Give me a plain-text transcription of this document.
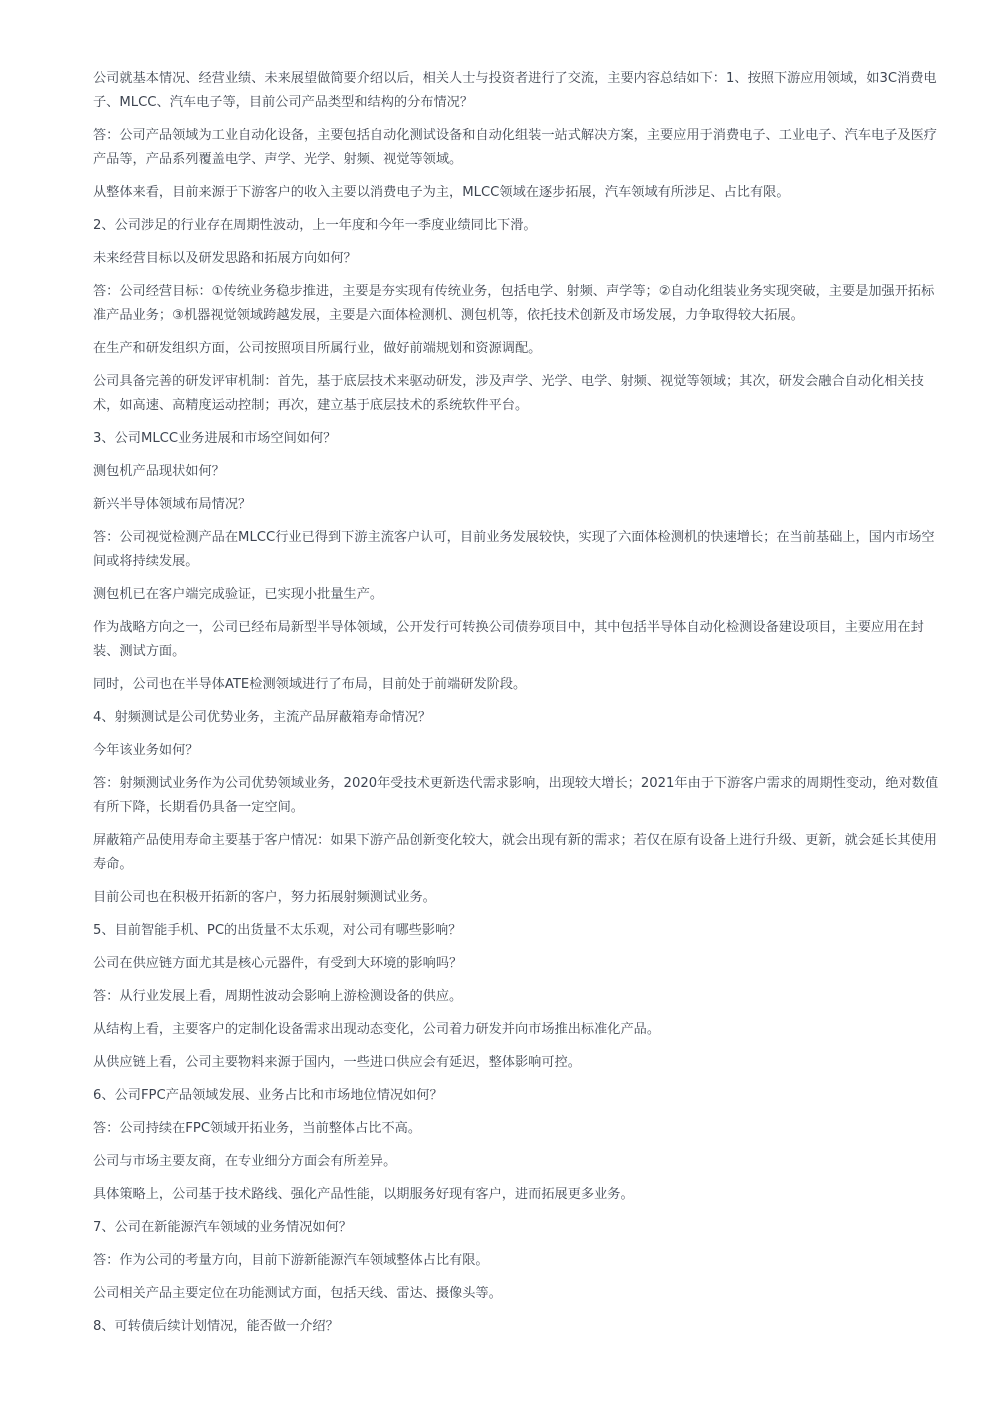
公司就基本情况、经营业绩、未来展望做简要介绍以后，相关人士与投资者进行了交流，主要内容总结如下：1、按照下游应用领域，如3C消费电子、MLCC、汽车电子等，目前公司产品类型和结构的分布情况？

答：公司产品领域为工业自动化设备，主要包括自动化测试设备和自动化组装一站式解决方案，主要应用于消费电子、工业电子、汽车电子及医疗产品等，产品系列覆盖电学、声学、光学、射频、视觉等领域。

从整体来看，目前来源于下游客户的收入主要以消费电子为主，MLCC领域在逐步拓展，汽车领域有所涉足、占比有限。

2、公司涉足的行业存在周期性波动，上一年度和今年一季度业绩同比下滑。

未来经营目标以及研发思路和拓展方向如何？

答：公司经营目标：①传统业务稳步推进，主要是夯实现有传统业务，包括电学、射频、声学等；②自动化组装业务实现突破，主要是加强开拓标准产品业务；③机器视觉领域跨越发展，主要是六面体检测机、测包机等，依托技术创新及市场发展，力争取得较大拓展。

在生产和研发组织方面，公司按照项目所属行业，做好前端规划和资源调配。

公司具备完善的研发评审机制：首先，基于底层技术来驱动研发，涉及声学、光学、电学、射频、视觉等领域；其次，研发会融合自动化相关技术，如高速、高精度运动控制；再次，建立基于底层技术的系统软件平台。

3、公司MLCC业务进展和市场空间如何？

测包机产品现状如何？

新兴半导体领域布局情况？

答：公司视觉检测产品在MLCC行业已得到下游主流客户认可，目前业务发展较快，实现了六面体检测机的快速增长；在当前基础上，国内市场空间或将持续发展。

测包机已在客户端完成验证，已实现小批量生产。

作为战略方向之一，公司已经布局新型半导体领域，公开发行可转换公司债券项目中，其中包括半导体自动化检测设备建设项目，主要应用在封装、测试方面。

同时，公司也在半导体ATE检测领域进行了布局，目前处于前端研发阶段。

4、射频测试是公司优势业务，主流产品屏蔽箱寿命情况？

今年该业务如何？

答：射频测试业务作为公司优势领域业务，2020年受技术更新迭代需求影响，出现较大增长；2021年由于下游客户需求的周期性变动，绝对数值有所下降，长期看仍具备一定空间。

屏蔽箱产品使用寿命主要基于客户情况：如果下游产品创新变化较大，就会出现有新的需求；若仅在原有设备上进行升级、更新，就会延长其使用寿命。

目前公司也在积极开拓新的客户，努力拓展射频测试业务。

5、目前智能手机、PC的出货量不太乐观，对公司有哪些影响？

公司在供应链方面尤其是核心元器件，有受到大环境的影响吗？

答：从行业发展上看，周期性波动会影响上游检测设备的供应。

从结构上看，主要客户的定制化设备需求出现动态变化，公司着力研发并向市场推出标准化产品。

从供应链上看，公司主要物料来源于国内，一些进口供应会有延迟，整体影响可控。

6、公司FPC产品领域发展、业务占比和市场地位情况如何？

答：公司持续在FPC领域开拓业务，当前整体占比不高。

公司与市场主要友商，在专业细分方面会有所差异。

具体策略上，公司基于技术路线、强化产品性能，以期服务好现有客户，进而拓展更多业务。

7、公司在新能源汽车领域的业务情况如何？

答：作为公司的考量方向，目前下游新能源汽车领域整体占比有限。

公司相关产品主要定位在功能测试方面，包括天线、雷达、摄像头等。

8、可转债后续计划情况，能否做一介绍？
